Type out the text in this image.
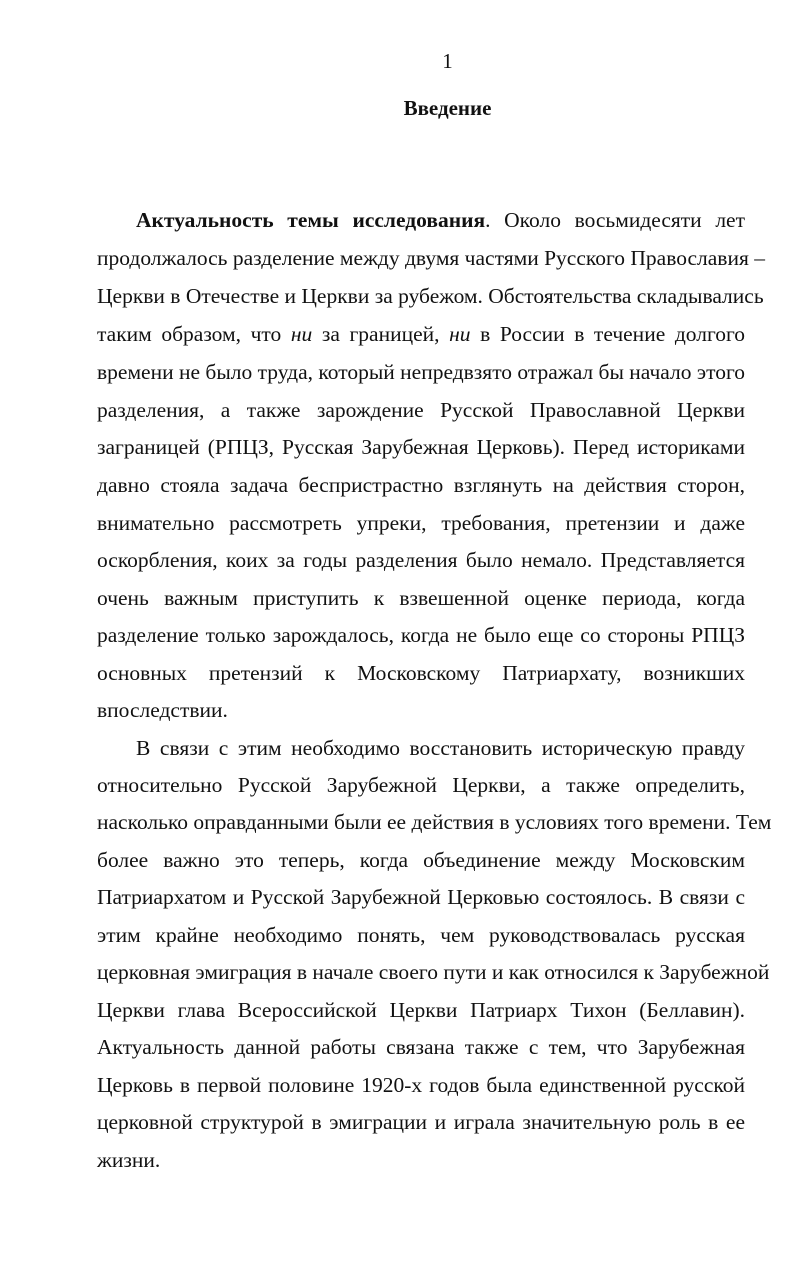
1
Введение
Актуальность темы исследования. Около восьмидесяти лет
продолжалось разделение между двумя частями Русского Православия –
Церкви в Отечестве и Церкви за рубежом. Обстоятельства складывались
таким образом, что ни за границей, ни в России в течение долгого
времени не было труда, который непредвзято отражал бы начало этого
разделения, а также зарождение Русской Православной Церкви
заграницей (РПЦЗ, Русская Зарубежная Церковь). Перед историками
давно стояла задача беспристрастно взглянуть на действия сторон,
внимательно рассмотреть упреки, требования, претензии и даже
оскорбления, коих за годы разделения было немало. Представляется
очень важным приступить к взвешенной оценке периода, когда
разделение только зарождалось, когда не было еще со стороны РПЦЗ
основных претензий к Московскому Патриархату, возникших
впоследствии.
В связи с этим необходимо восстановить историческую правду
относительно Русской Зарубежной Церкви, а также определить,
насколько оправданными были ее действия в условиях того времени. Тем
более важно это теперь, когда объединение между Московским
Патриархатом и Русской Зарубежной Церковью состоялось. В связи с
этим крайне необходимо понять, чем руководствовалась русская
церковная эмиграция в начале своего пути и как относился к Зарубежной
Церкви глава Всероссийской Церкви Патриарх Тихон (Беллавин).
Актуальность данной работы связана также с тем, что Зарубежная
Церковь в первой половине 1920-х годов была единственной русской
церковной структурой в эмиграции и играла значительную роль в ее
жизни.
